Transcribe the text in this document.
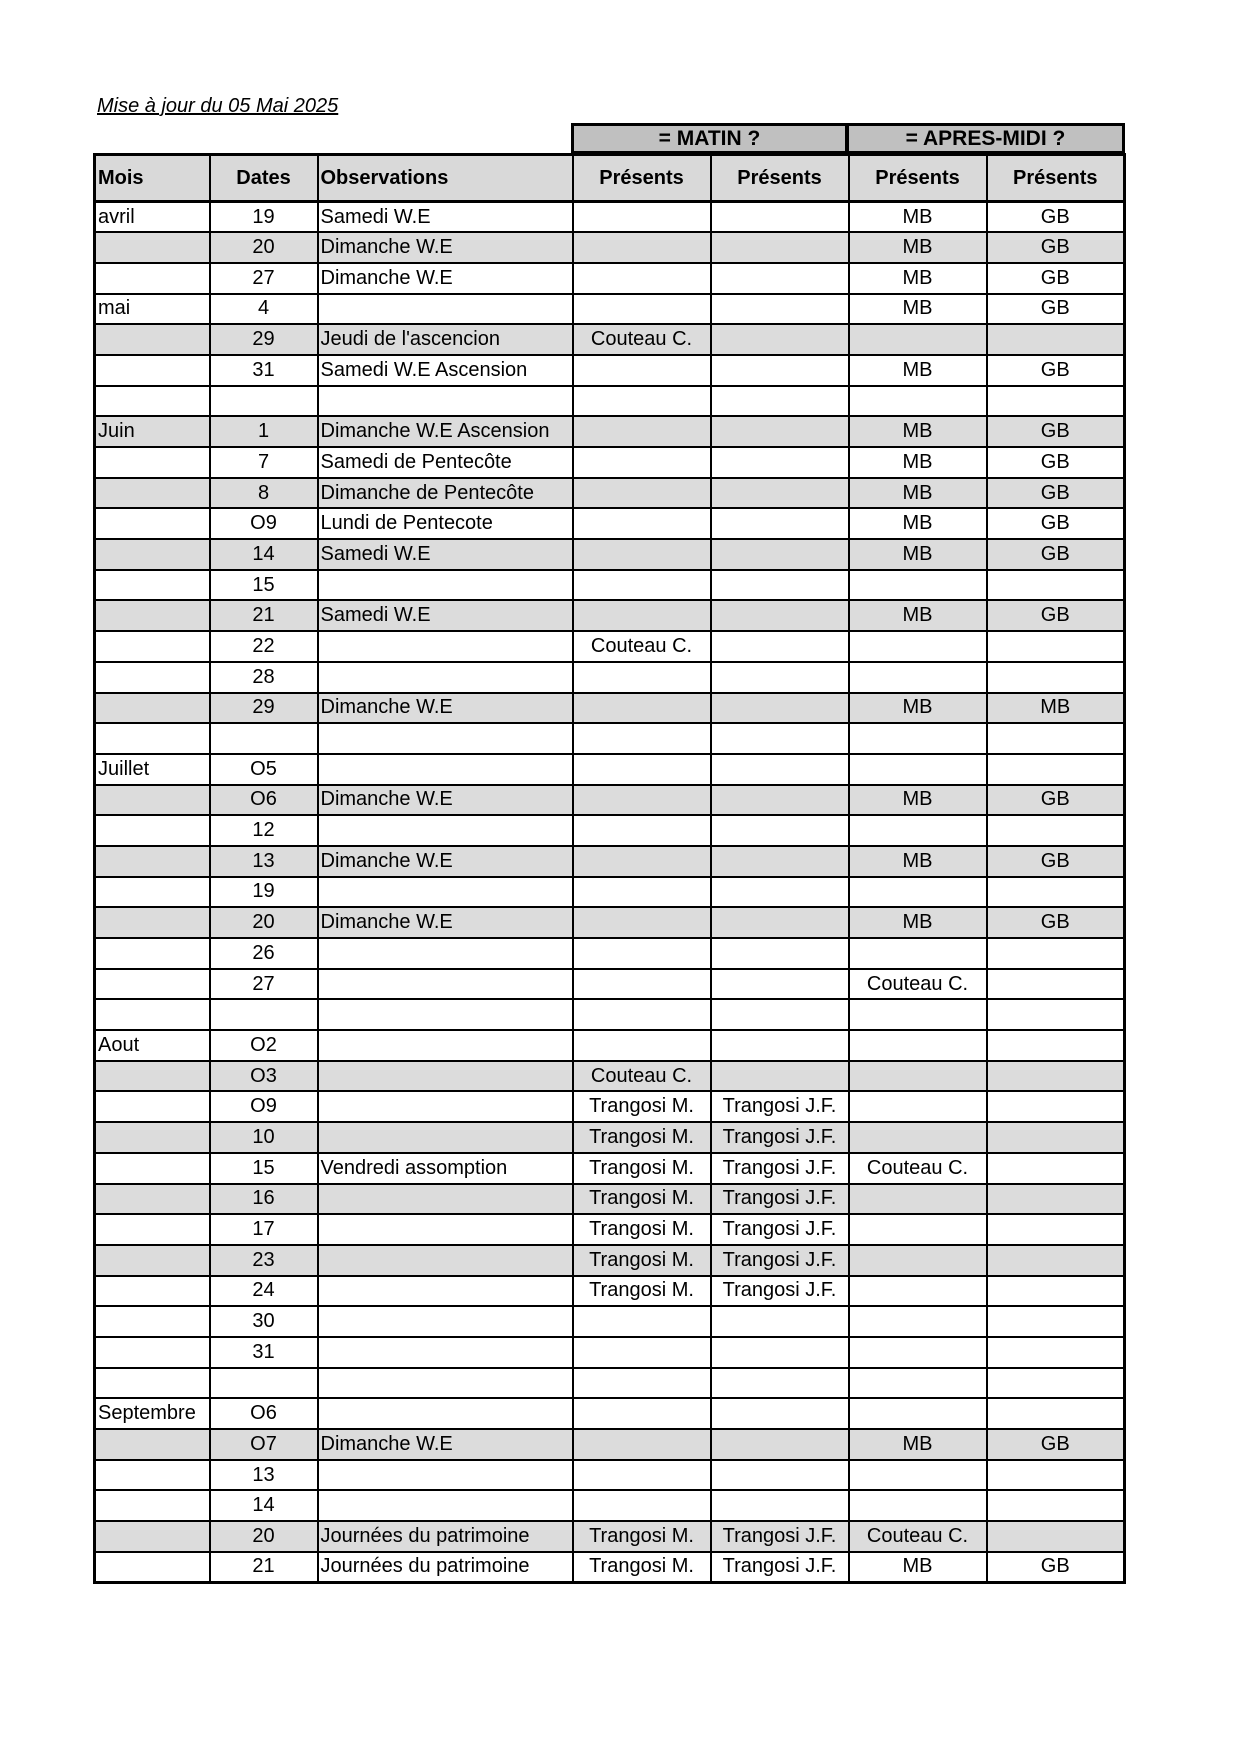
Mise à jour du 05 Mai 2025
= MATIN ?	= APRES-MIDI ?
Mois	Dates	Observations	Présents	Présents	Présents	Présents
avril	19	Samedi W.E			MB	GB
	20	Dimanche W.E			MB	GB
	27	Dimanche W.E			MB	GB
mai	4				MB	GB
	29	Jeudi de l'ascencion	Couteau C.			
	31	Samedi W.E Ascension			MB	GB

Juin	1	Dimanche W.E Ascension			MB	GB
	7	Samedi de Pentecôte			MB	GB
	8	Dimanche de Pentecôte			MB	GB
	O9	Lundi de Pentecote			MB	GB
	14	Samedi W.E			MB	GB
	15					
	21	Samedi W.E			MB	GB
	22		Couteau C.			
	28					
	29	Dimanche W.E			MB	MB

Juillet	O5					
	O6	Dimanche W.E			MB	GB
	12					
	13	Dimanche W.E			MB	GB
	19					
	20	Dimanche W.E			MB	GB
	26					
	27				Couteau C.	

Aout	O2					
	O3		Couteau C.			
	O9		Trangosi M.	Trangosi J.F.		
	10		Trangosi M.	Trangosi J.F.		
	15	Vendredi assomption	Trangosi M.	Trangosi J.F.	Couteau C.	
	16		Trangosi M.	Trangosi J.F.		
	17		Trangosi M.	Trangosi J.F.		
	23		Trangosi M.	Trangosi J.F.		
	24		Trangosi M.	Trangosi J.F.		
	30					
	31					

Septembre	O6					
	O7	Dimanche W.E			MB	GB
	13					
	14					
	20	Journées du patrimoine	Trangosi M.	Trangosi J.F.	Couteau C.	
	21	Journées du patrimoine	Trangosi M.	Trangosi J.F.	MB	GB
